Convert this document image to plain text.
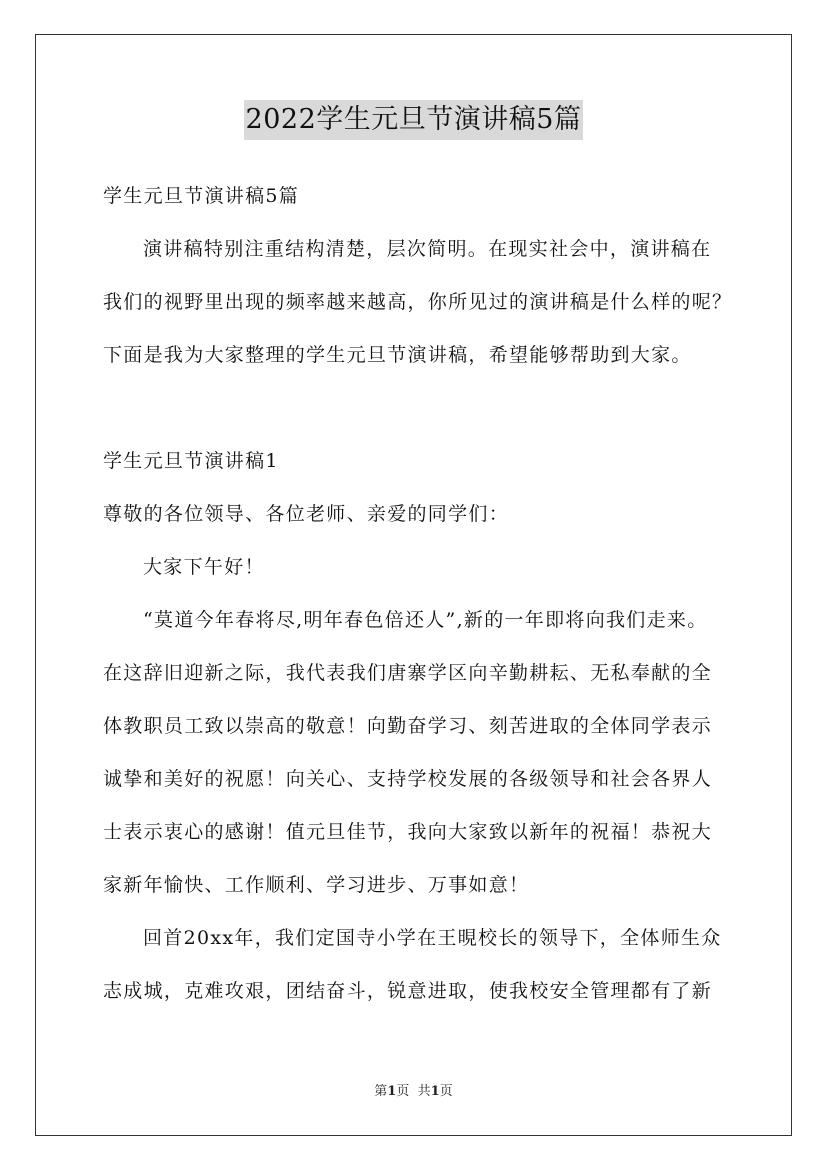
2022学生元旦节演讲稿5篇
学生元旦节演讲稿5篇
演讲稿特别注重结构清楚，层次简明。在现实社会中，演讲稿在
我们的视野里出现的频率越来越高，你所见过的演讲稿是什么样的呢？
下面是我为大家整理的学生元旦节演讲稿，希望能够帮助到大家。
学生元旦节演讲稿1
尊敬的各位领导、各位老师、亲爱的同学们：
大家下午好！
“莫道今年春将尽,明年春色倍还人”,新的一年即将向我们走来。
在这辞旧迎新之际，我代表我们唐寨学区向辛勤耕耘、无私奉献的全
体教职员工致以崇高的敬意！向勤奋学习、刻苦进取的全体同学表示
诚挚和美好的祝愿！向关心、支持学校发展的各级领导和社会各界人
士表示衷心的感谢！值元旦佳节，我向大家致以新年的祝福！恭祝大
家新年愉快、工作顺利、学习进步、万事如意！
回首20xx年，我们定国寺小学在王晛校长的领导下，全体师生众
志成城，克难攻艰，团结奋斗，锐意进取，使我校安全管理都有了新
第1页 共1页
